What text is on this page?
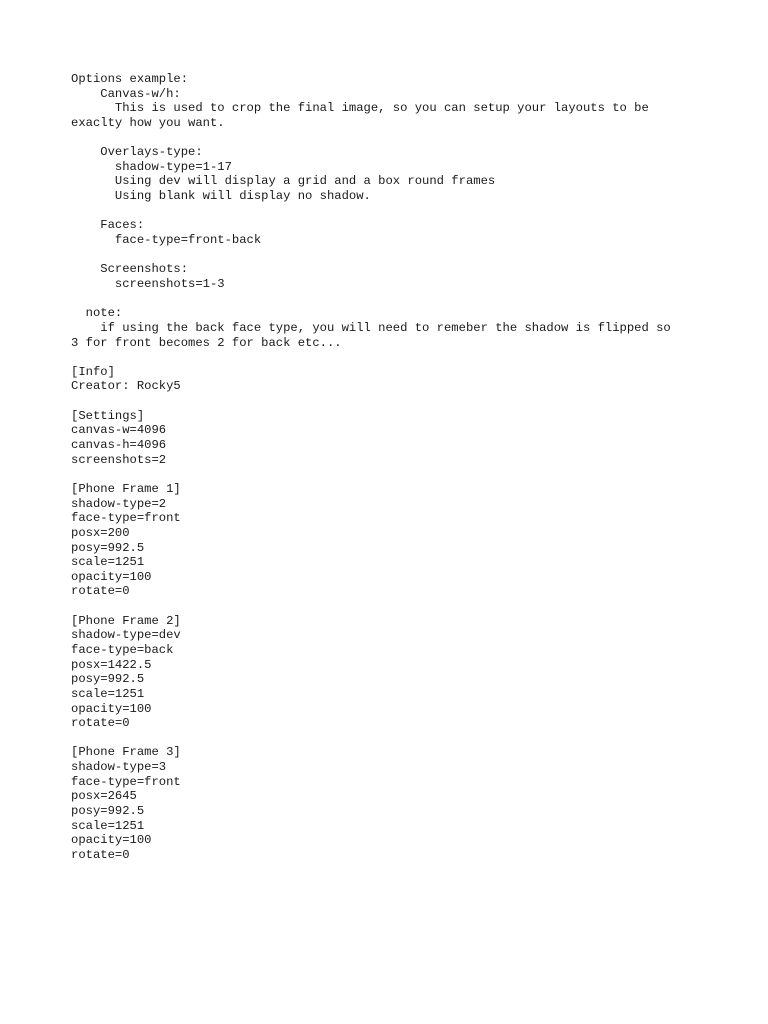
Options example:
Canvas-w/h:
This is used to crop the final image, so you can setup your layouts to be
exaclty how you want.
Overlays-type:
shadow-type=1-17
Using dev will display a grid and a box round frames
Using blank will display no shadow.
Faces:
face-type=front-back
Screenshots:
screenshots=1-3
note:
if using the back face type, you will need to remeber the shadow is flipped so
3 for front becomes 2 for back etc...
[Info]
Creator: Rocky5
[Settings]
canvas-w=4096
canvas-h=4096
screenshots=2
[Phone Frame 1]
shadow-type=2
face-type=front
posx=200
posy=992.5
scale=1251
opacity=100
rotate=0
[Phone Frame 2]
shadow-type=dev
face-type=back
posx=1422.5
posy=992.5
scale=1251
opacity=100
rotate=0
[Phone Frame 3]
shadow-type=3
face-type=front
posx=2645
posy=992.5
scale=1251
opacity=100
rotate=0
